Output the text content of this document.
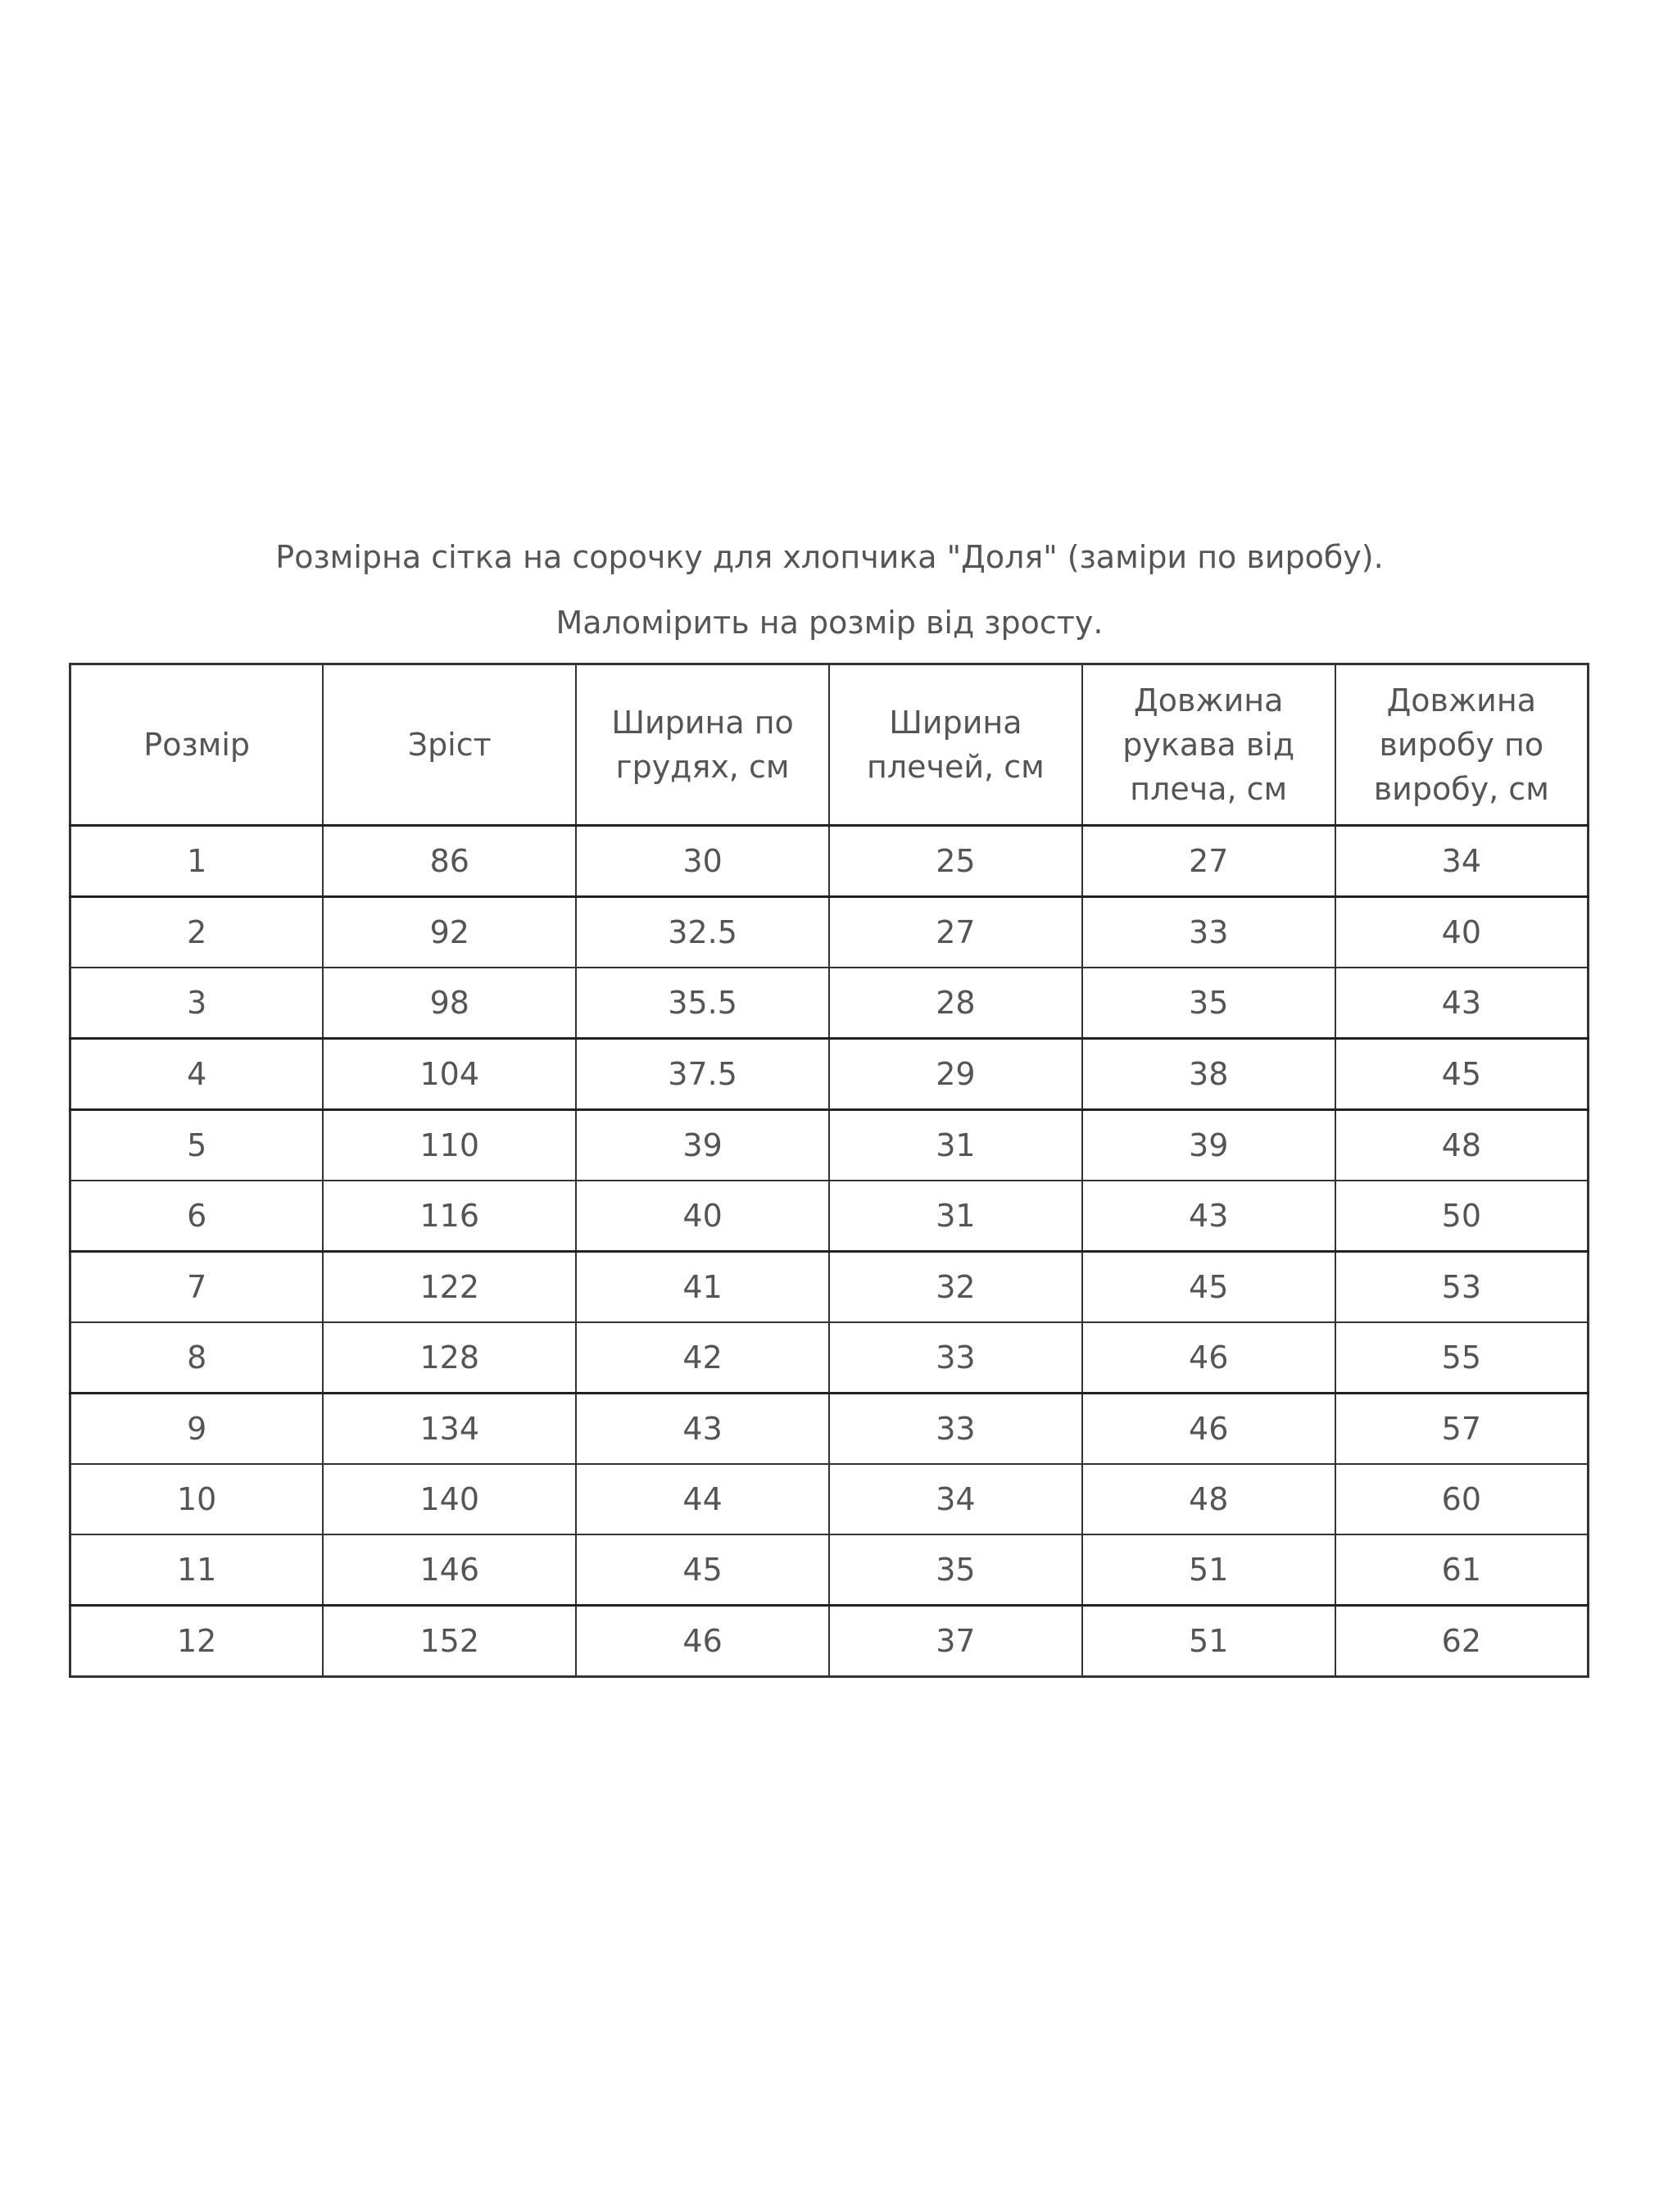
Розмірна сітка на сорочку для хлопчика "Доля" (заміри по виробу).
Маломірить на розмір від зросту.
Розмір	Зріст	Ширина по грудях, см	Ширина плечей, см	Довжина рукава від плеча, см	Довжина виробу по виробу, см
1	86	30	25	27	34
2	92	32.5	27	33	40
3	98	35.5	28	35	43
4	104	37.5	29	38	45
5	110	39	31	39	48
6	116	40	31	43	50
7	122	41	32	45	53
8	128	42	33	46	55
9	134	43	33	46	57
10	140	44	34	48	60
11	146	45	35	51	61
12	152	46	37	51	62
